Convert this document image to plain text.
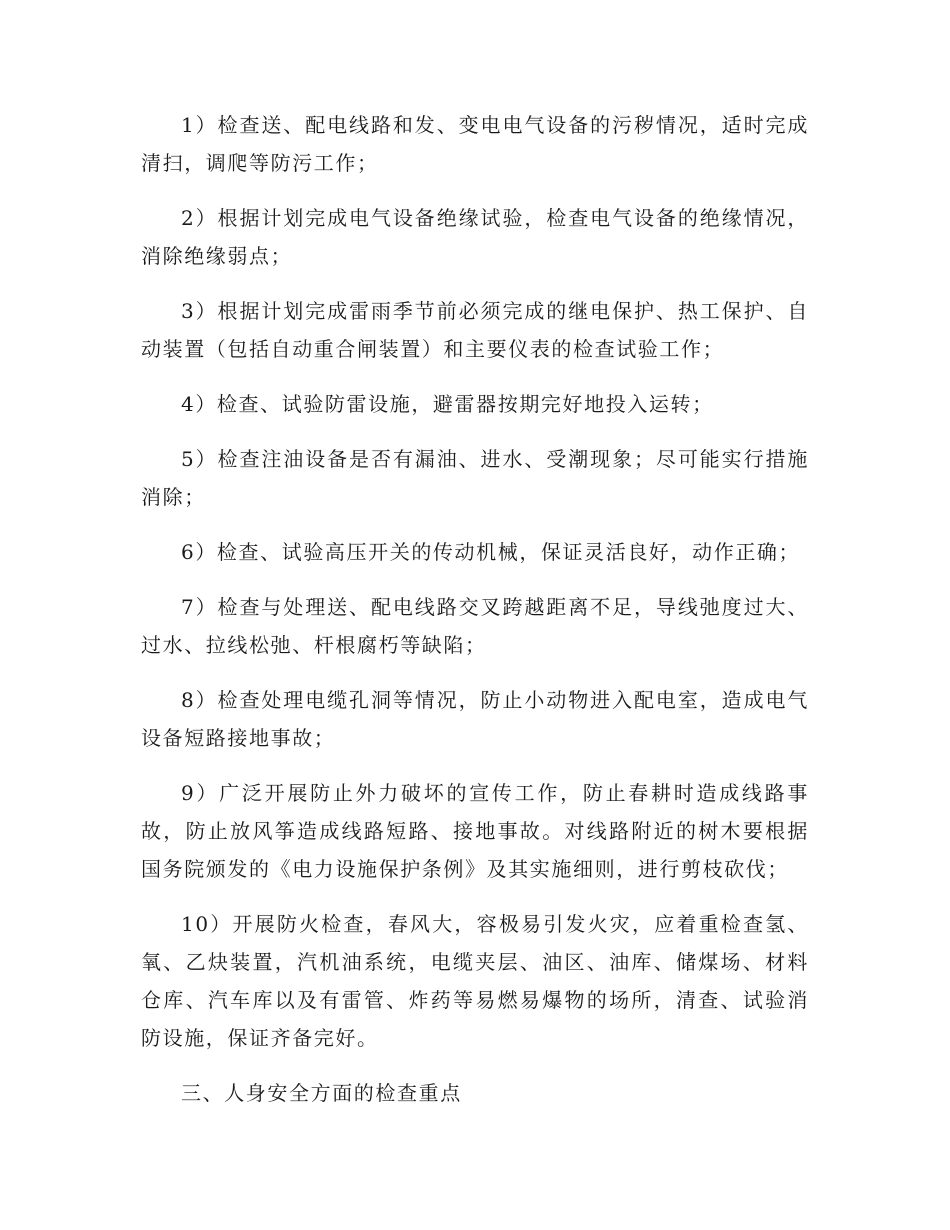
1）检查送、配电线路和发、变电电气设备的污秽情况，适时完成清扫，调爬等防污工作；

2）根据计划完成电气设备绝缘试验，检查电气设备的绝缘情况，消除绝缘弱点；

3）根据计划完成雷雨季节前必须完成的继电保护、热工保护、自动装置（包括自动重合闸装置）和主要仪表的检查试验工作；

4）检查、试验防雷设施，避雷器按期完好地投入运转；

5）检查注油设备是否有漏油、进水、受潮现象；尽可能实行措施消除；

6）检查、试验高压开关的传动机械，保证灵活良好，动作正确；

7）检查与处理送、配电线路交叉跨越距离不足，导线弛度过大、过水、拉线松弛、杆根腐朽等缺陷；

8）检查处理电缆孔洞等情况，防止小动物进入配电室，造成电气设备短路接地事故；

9）广泛开展防止外力破坏的宣传工作，防止春耕时造成线路事故，防止放风筝造成线路短路、接地事故。对线路附近的树木要根据国务院颁发的《电力设施保护条例》及其实施细则，进行剪枝砍伐；

10）开展防火检查，春风大，容极易引发火灾，应着重检查氢、氧、乙炔装置，汽机油系统，电缆夹层、油区、油库、储煤场、材料仓库、汽车库以及有雷管、炸药等易燃易爆物的场所，清查、试验消防设施，保证齐备完好。

三、人身安全方面的检查重点
